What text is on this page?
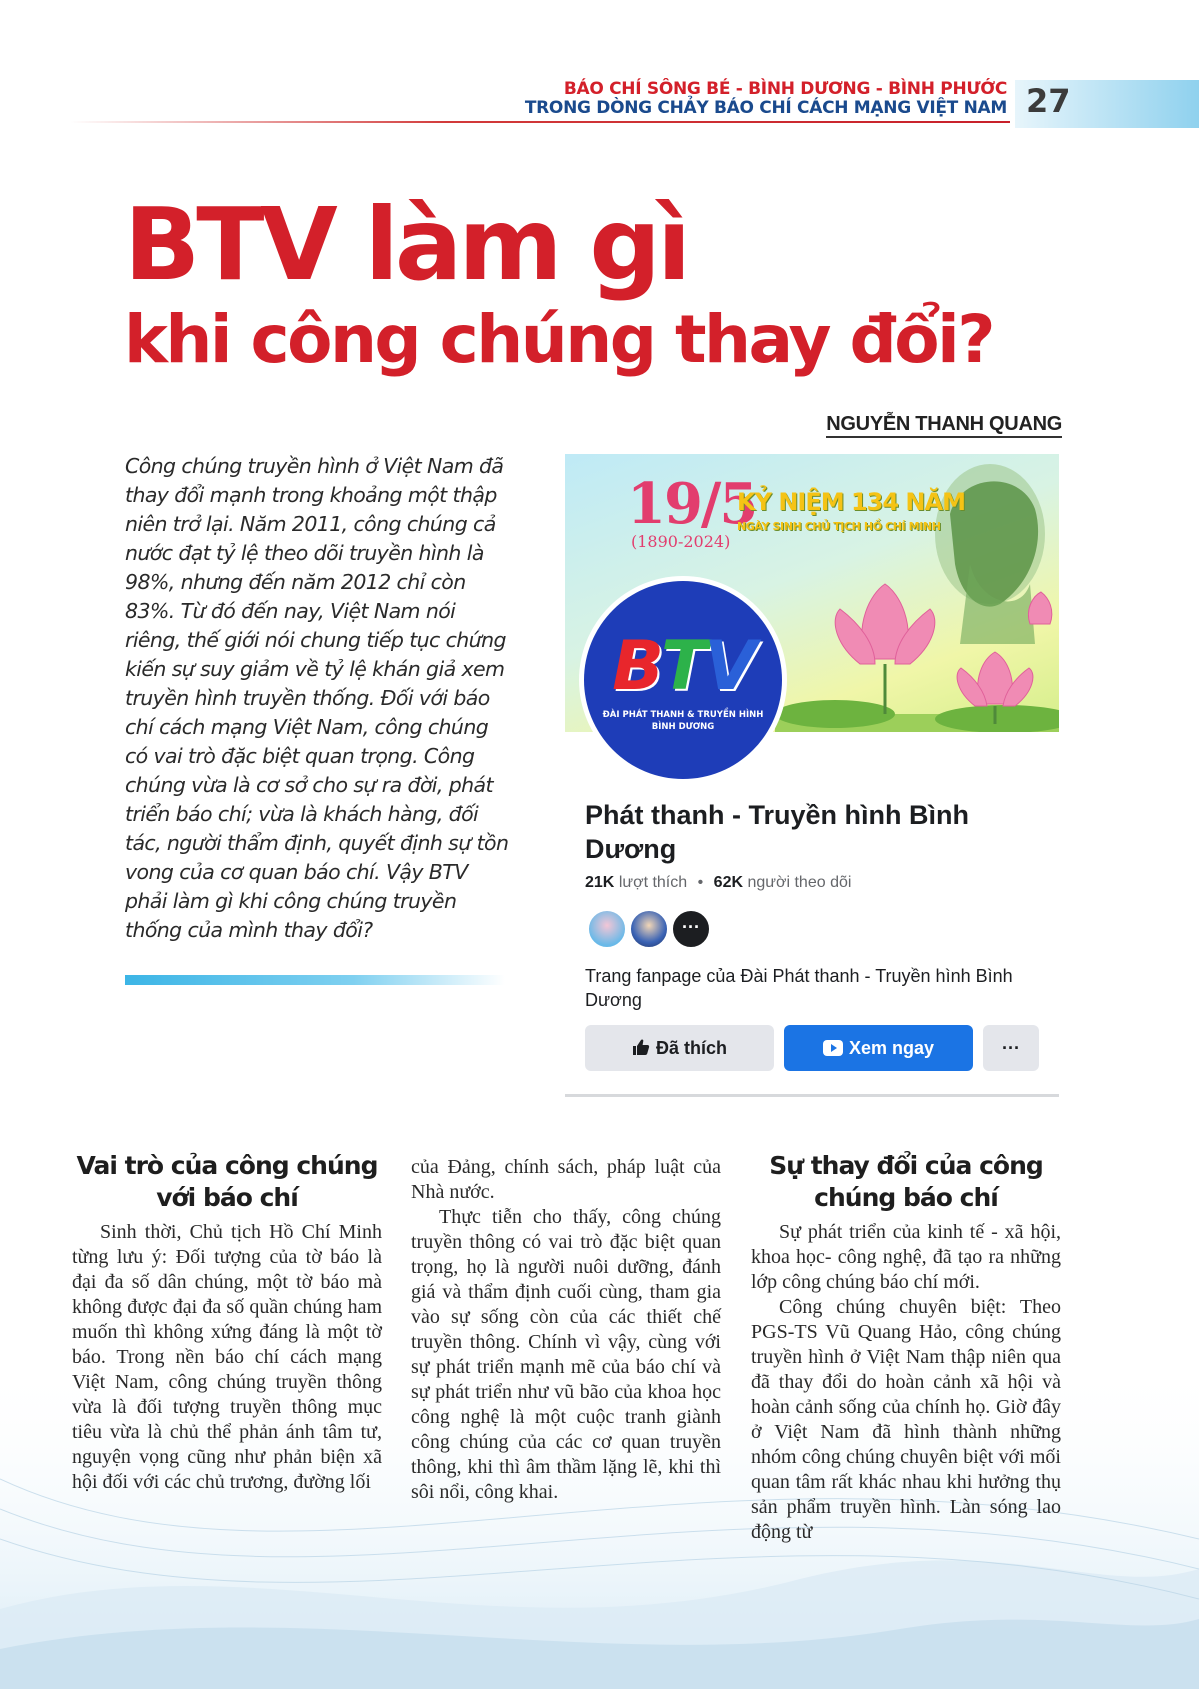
BÁO CHÍ SÔNG BÉ - BÌNH DƯƠNG - BÌNH PHƯỚC
TRONG DÒNG CHẢY BÁO CHÍ CÁCH MẠNG VIỆT NAM 27
BTV làm gì
khi công chúng thay đổi?
NGUYỄN THANH QUANG
Công chúng truyền hình ở Việt Nam đã thay đổi mạnh trong khoảng một thập niên trở lại. Năm 2011, công chúng cả nước đạt tỷ lệ theo dõi truyền hình là 98%, nhưng đến năm 2012 chỉ còn 83%. Từ đó đến nay, Việt Nam nói riêng, thế giới nói chung tiếp tục chứng kiến sự suy giảm về tỷ lệ khán giả xem truyền hình truyền thống. Đối với báo chí cách mạng Việt Nam, công chúng có vai trò đặc biệt quan trọng. Công chúng vừa là cơ sở cho sự ra đời, phát triển báo chí; vừa là khách hàng, đối tác, người thẩm định, quyết định sự tồn vong của cơ quan báo chí. Vậy BTV phải làm gì khi công chúng truyền thống của mình thay đổi?
19/5
(1890-2024)
KỶ NIỆM 134 NĂM
NGÀY SINH CHỦ TỊCH HỒ CHÍ MINH
BTV
ĐÀI PHÁT THANH & TRUYỀN HÌNH
BÌNH DƯƠNG
Phát thanh - Truyền hình Bình Dương
21K lượt thích • 62K người theo dõi
···
Trang fanpage của Đài Phát thanh - Truyền hình Bình Dương
Đã thích	Xem ngay	···
Vai trò của công chúng với báo chí

Sinh thời, Chủ tịch Hồ Chí Minh từng lưu ý: Đối tượng của tờ báo là đại đa số dân chúng, một tờ báo mà không được đại đa số quần chúng ham muốn thì không xứng đáng là một tờ báo. Trong nền báo chí cách mạng Việt Nam, công chúng truyền thông vừa là đối tượng truyền thông mục tiêu vừa là chủ thể phản ánh tâm tư, nguyện vọng cũng như phản biện xã hội đối với các chủ trương, đường lối

của Đảng, chính sách, pháp luật của Nhà nước.

Thực tiễn cho thấy, công chúng truyền thông có vai trò đặc biệt quan trọng, họ là người nuôi dưỡng, đánh giá và thẩm định cuối cùng, tham gia vào sự sống còn của các thiết chế truyền thông. Chính vì vậy, cùng với sự phát triển mạnh mẽ của báo chí và sự phát triển như vũ bão của khoa học công nghệ là một cuộc tranh giành công chúng của các cơ quan truyền thông, khi thì âm thầm lặng lẽ, khi thì sôi nổi, công khai.

Sự thay đổi của công chúng báo chí

Sự phát triển của kinh tế - xã hội, khoa học- công nghệ, đã tạo ra những lớp công chúng báo chí mới.

Công chúng chuyên biệt: Theo PGS-TS Vũ Quang Hảo, công chúng truyền hình ở Việt Nam thập niên qua đã thay đổi do hoàn cảnh xã hội và hoàn cảnh sống của chính họ. Giờ đây ở Việt Nam đã hình thành những nhóm công chúng chuyên biệt với mối quan tâm rất khác nhau khi hưởng thụ sản phẩm truyền hình. Làn sóng lao động từ
